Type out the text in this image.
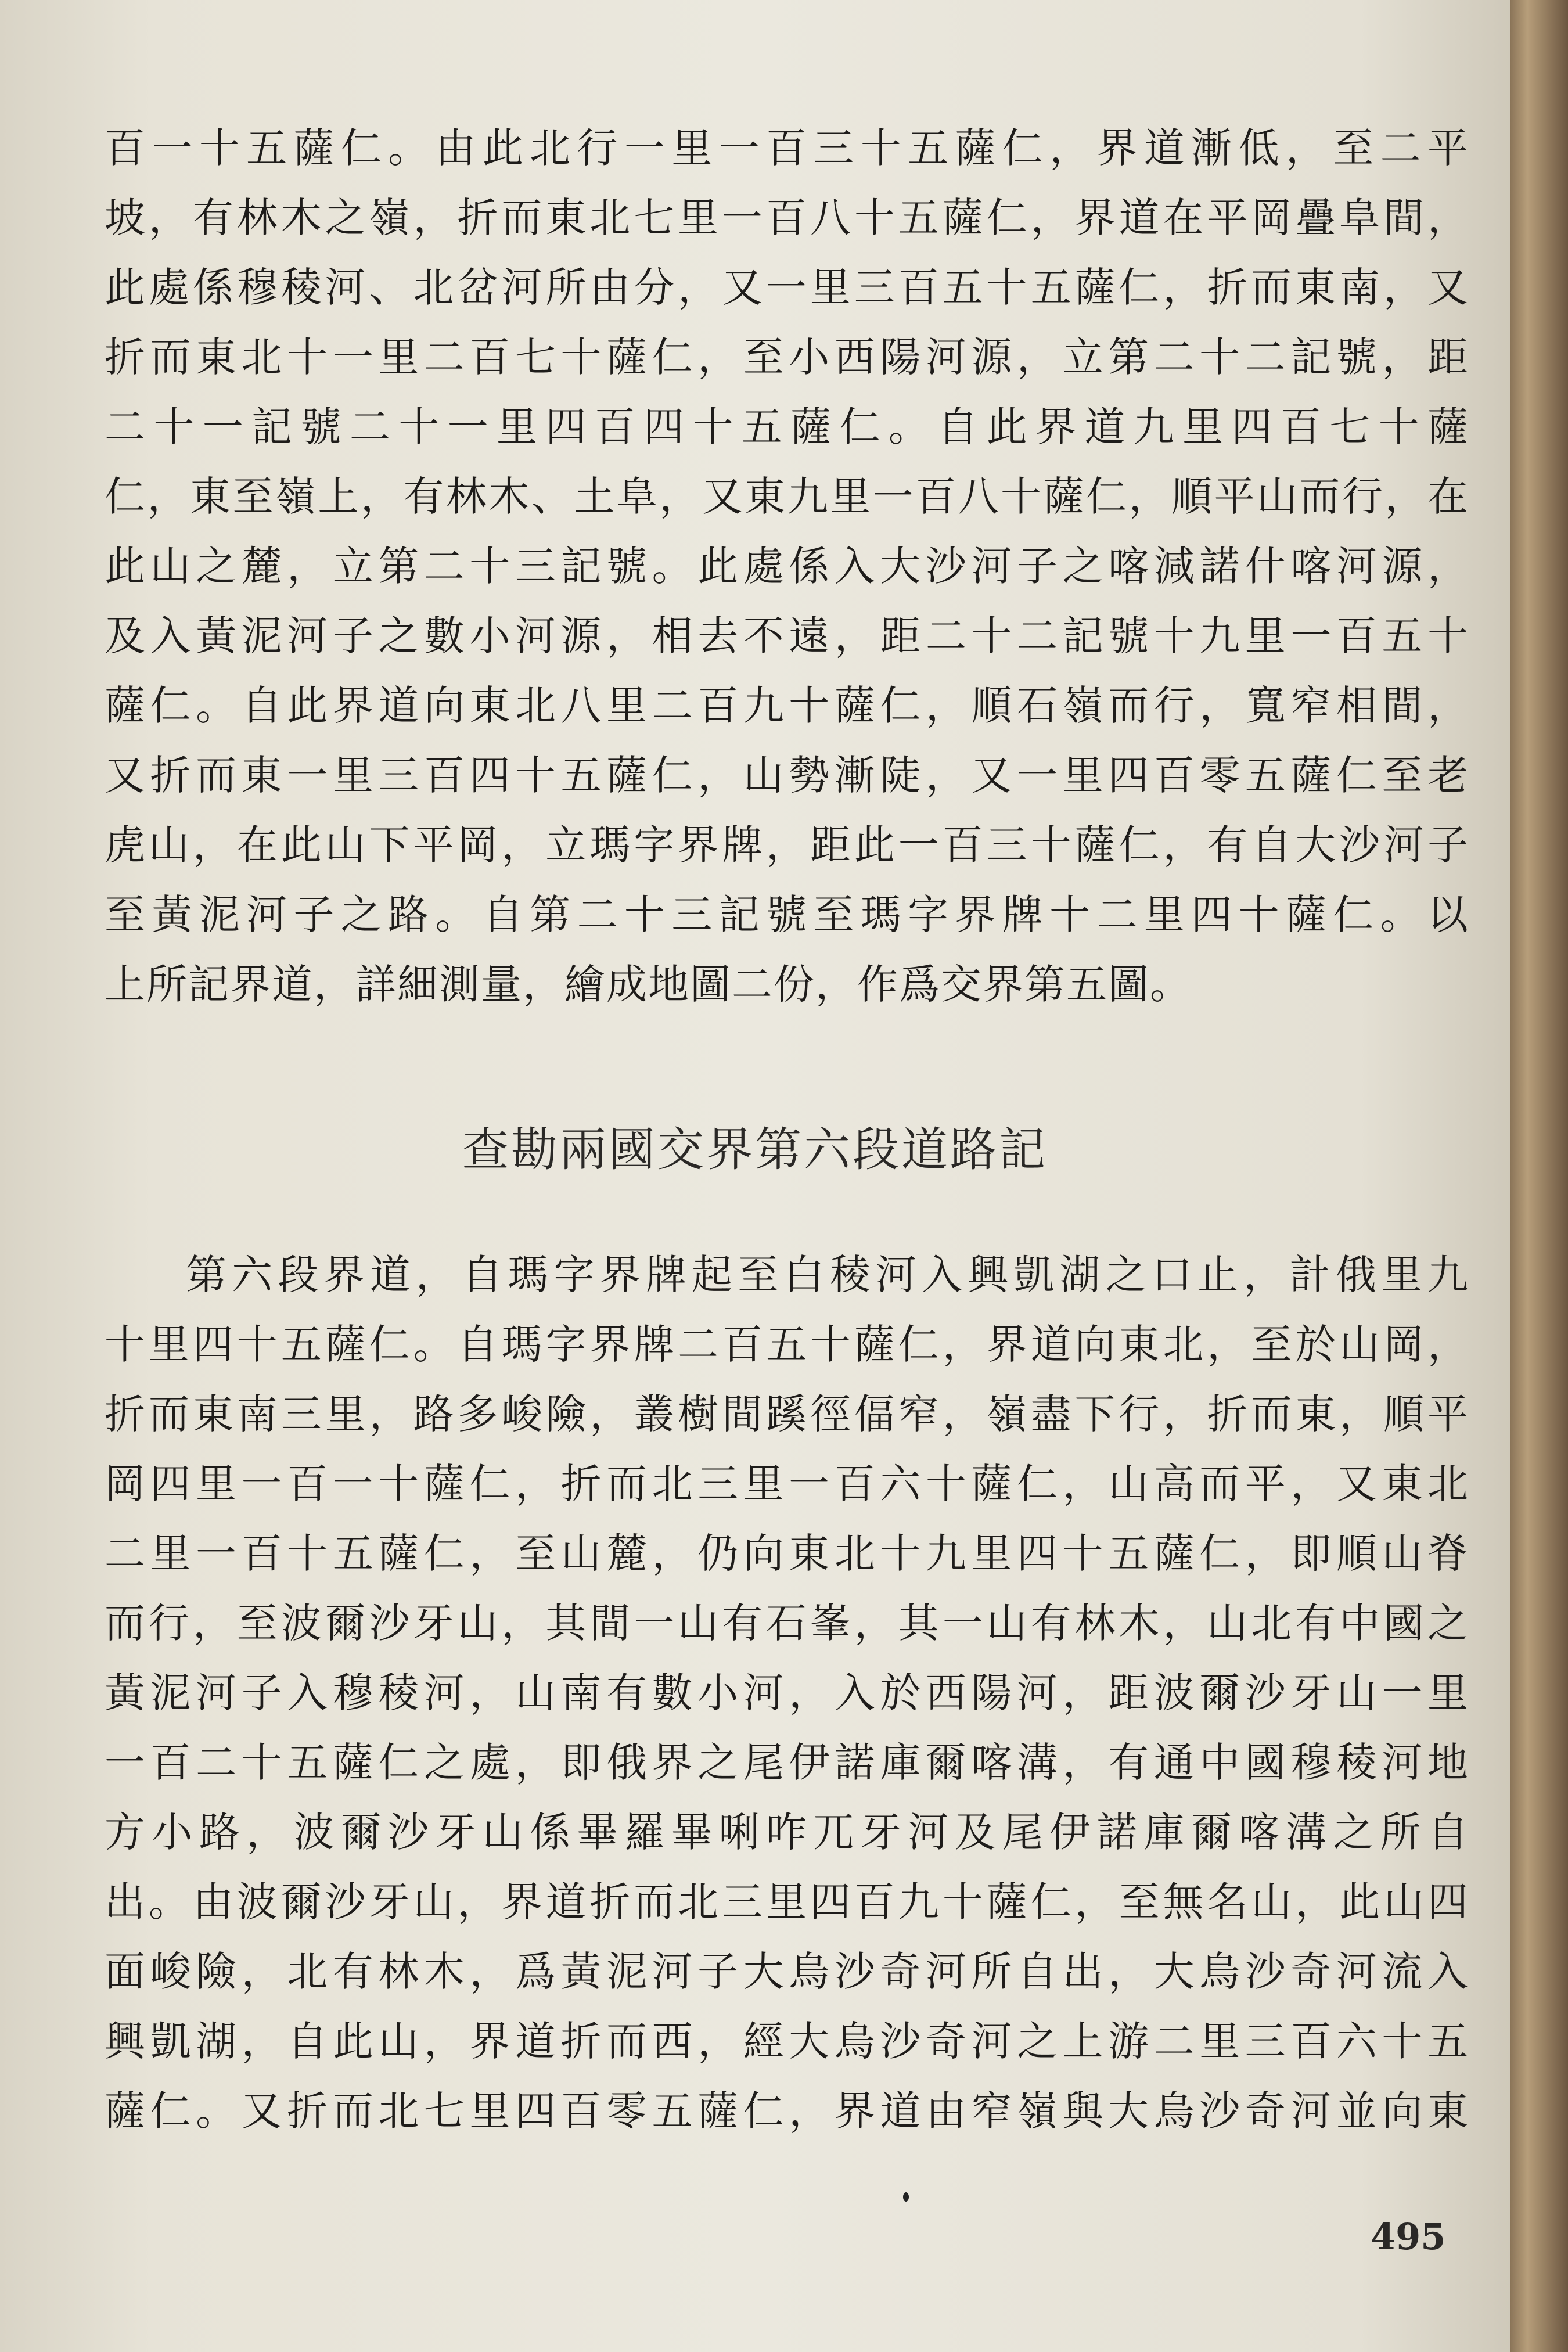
百一十五薩仁。由此北行一里一百三十五薩仁，界道漸低，至二平
坡，有林木之嶺，折而東北七里一百八十五薩仁，界道在平岡疊阜間，
此處係穆稜河、北岔河所由分，又一里三百五十五薩仁，折而東南，又
折而東北十一里二百七十薩仁，至小西陽河源，立第二十二記號，距
二十一記號二十一里四百四十五薩仁。自此界道九里四百七十薩
仁，東至嶺上，有林木、土阜，又東九里一百八十薩仁，順平山而行，在
此山之麓，立第二十三記號。此處係入大沙河子之喀減諾什喀河源，
及入黃泥河子之數小河源，相去不遠，距二十二記號十九里一百五十
薩仁。自此界道向東北八里二百九十薩仁，順石嶺而行，寬窄相間，
又折而東一里三百四十五薩仁，山勢漸陡，又一里四百零五薩仁至老
虎山，在此山下平岡，立瑪字界牌，距此一百三十薩仁，有自大沙河子
至黃泥河子之路。自第二十三記號至瑪字界牌十二里四十薩仁。以
上所記界道，詳細測量，繪成地圖二份，作爲交界第五圖。
查勘兩國交界第六段道路記
第六段界道，自瑪字界牌起至白稜河入興凱湖之口止，計俄里九
十里四十五薩仁。自瑪字界牌二百五十薩仁，界道向東北，至於山岡，
折而東南三里，路多峻險，叢樹間蹊徑偪窄，嶺盡下行，折而東，順平
岡四里一百一十薩仁，折而北三里一百六十薩仁，山高而平，又東北
二里一百十五薩仁，至山麓，仍向東北十九里四十五薩仁，即順山脊
而行，至波爾沙牙山，其間一山有石峯，其一山有林木，山北有中國之
黃泥河子入穆稜河，山南有數小河，入於西陽河，距波爾沙牙山一里
一百二十五薩仁之處，即俄界之尾伊諾庫爾喀溝，有通中國穆稜河地
方小路，波爾沙牙山係畢羅畢唎咋兀牙河及尾伊諾庫爾喀溝之所自
出。由波爾沙牙山，界道折而北三里四百九十薩仁，至無名山，此山四
面峻險，北有林木，爲黃泥河子大烏沙奇河所自出，大烏沙奇河流入
興凱湖，自此山，界道折而西，經大烏沙奇河之上游二里三百六十五
薩仁。又折而北七里四百零五薩仁，界道由窄嶺與大烏沙奇河並向東
495
